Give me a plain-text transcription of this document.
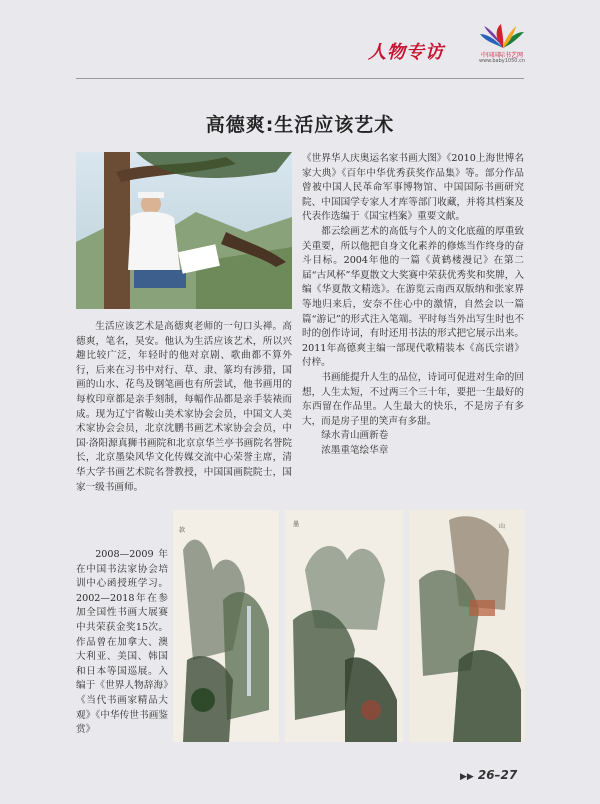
人物专访	中国国际书艺网
www.baby1050.cn
高德爽:生活应该艺术

生活应该艺术是高德爽老师的一句口头禅。高德爽，笔名，昊安。他认为生活应该艺术，所以兴趣比较广泛，年轻时的他对京剧、歌曲都不算外行，后来在习书中对行、草、隶、篆均有涉猎，国画的山水、花鸟及钢笔画也有所尝试，他书画用的每枚印章都是亲手刻制，每幅作品都是亲手装裱而成。现为辽宁省鞍山美术家协会会员，中国文人美术家协会会员，北京沈鹏书画艺术家协会会员，中国·洛阳源真狮书画院和北京京华兰亭书画院名誉院长，北京墨染风华文化传媒交流中心荣誉主席，清华大学书画艺术院名誉教授，中国国画院院士，国家一级书画师。

2008—2009年在中国书法家协会培训中心函授班学习。2002—2018年在参加全国性书画大展赛中共荣获金奖15次。作品曾在加拿大、澳大利亚、美国、韩国和日本等国巡展。入编于《世界人物辞海》《当代书画家精品大观》《中华传世书画鉴赏》

《世界华人庆奥运名家书画大图》《2010上海世博名家大典》《百年中华优秀获奖作品集》等。部分作品曾被中国人民革命军事博物馆、中国国际书画研究院、中国国学专家人才库等部门收藏，并将其档案及代表作选编于《国宝档案》重要文献。

都云绘画艺术的高低与个人的文化底蕴的厚重致关重要，所以他把自身文化素养的修炼当作终身的奋斗目标。2004年他的一篇《黄鹤楼漫记》在第二届“古风杯”华夏散文大奖赛中荣获优秀奖和奖牌，入编《华夏散文精选》。在游览云南西双版纳和张家界等地归来后，安奈不住心中的激情，自然会以一篇篇“游记”的形式注入笔端。平时每当外出写生时也不时的创作诗词，有时还用书法的形式把它展示出来。2011年高德爽主编一部现代歌精装本《高氏宗谱》付梓。

书画能提升人生的品位，诗词可促进对生命的回想，人生太短，不过两三个三十年，要把一生最好的东西留在作品里。人生最大的快乐，不是房子有多大，而是房子里的笑声有多甜。

绿水青山画新卷

浓墨重笔绘华章

款
墨	山
▶▶ 26–27
